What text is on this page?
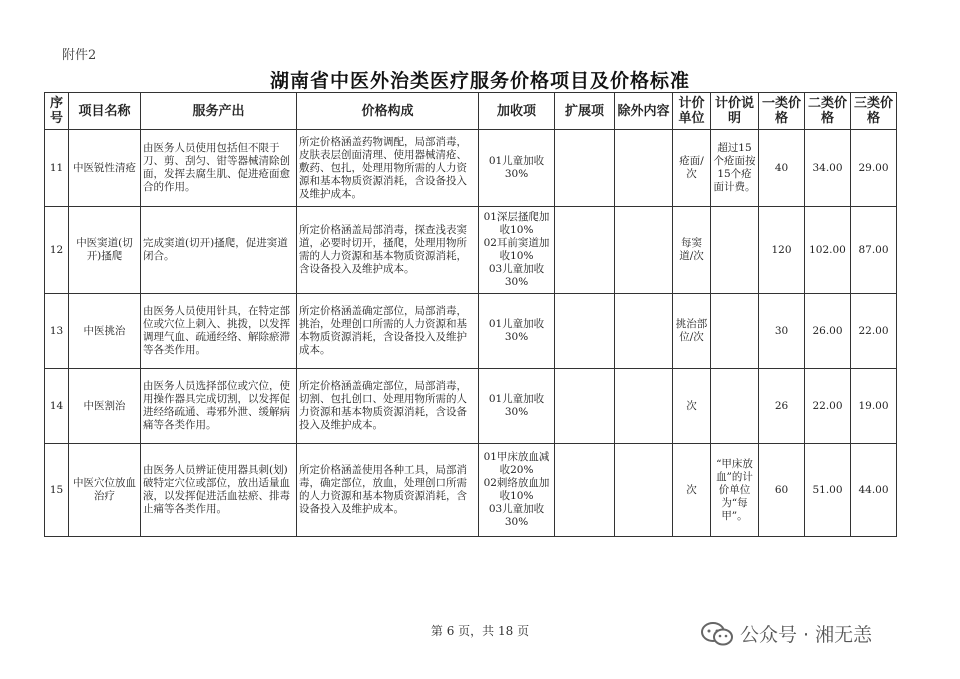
附件2
湖南省中医外治类医疗服务价格项目及价格标准
序号	项目名称	服务产出	价格构成	加收项	扩展项	除外内容	计价单位	计价说明	一类价格	二类价格	三类价格
11	中医锐性清疮	由医务人员使用包括但不限于刀、剪、刮匀、钳等器械清除创面，发挥去腐生肌、促进疮面愈合的作用。	所定价格涵盖药物调配，局部消毒，皮肤表层创面清理、使用器械清疮、敷药、包扎，处理用物所需的人力资源和基本物质资源消耗，含设备投入及维护成本。	01儿童加收30%			疮面/次	超过15个疮面按15个疮面计费。	40	34.00	29.00
12	中医窦道(切开)搔爬	完成窦道(切开)搔爬，促进窦道闭合。	所定价格涵盖局部消毒，探查浅表窦道，必要时切开，搔爬，处理用物所需的人力资源和基本物质资源消耗，含设备投入及维护成本。	01深层搔爬加收10%
02耳前窦道加收10%
03儿童加收30%			每窦道/次		120	102.00	87.00
13	中医挑治	由医务人员使用针具，在特定部位或穴位上刺入、挑拨，以发挥调理气血、疏通经络、解除瘀滞等各类作用。	所定价格涵盖确定部位，局部消毒，挑治，处理创口所需的人力资源和基本物质资源消耗，含设备投入及维护成本。	01儿童加收30%			挑治部位/次		30	26.00	22.00
14	中医割治	由医务人员选择部位或穴位，使用操作器具完成切割，以发挥促进经络疏通、毒邪外泄、缓解病痛等各类作用。	所定价格涵盖确定部位，局部消毒，切割、包扎创口、处理用物所需的人力资源和基本物质资源消耗，含设备投入及维护成本。	01儿童加收30%			次		26	22.00	19.00
15	中医穴位放血治疗	由医务人员辨证使用器具刺(划)破特定穴位或部位，放出适量血液，以发挥促进活血祛瘀、排毒止痛等各类作用。	所定价格涵盖使用各种工具，局部消毒，确定部位，放血，处理创口所需的人力资源和基本物质资源消耗，含设备投入及维护成本。	01甲床放血减收20%
02刺络放血加收10%
03儿童加收30%			次	“甲床放血”的计价单位为“每甲”。	60	51.00	44.00
第 6 页，共 18 页	公众号 · 湘无恙
